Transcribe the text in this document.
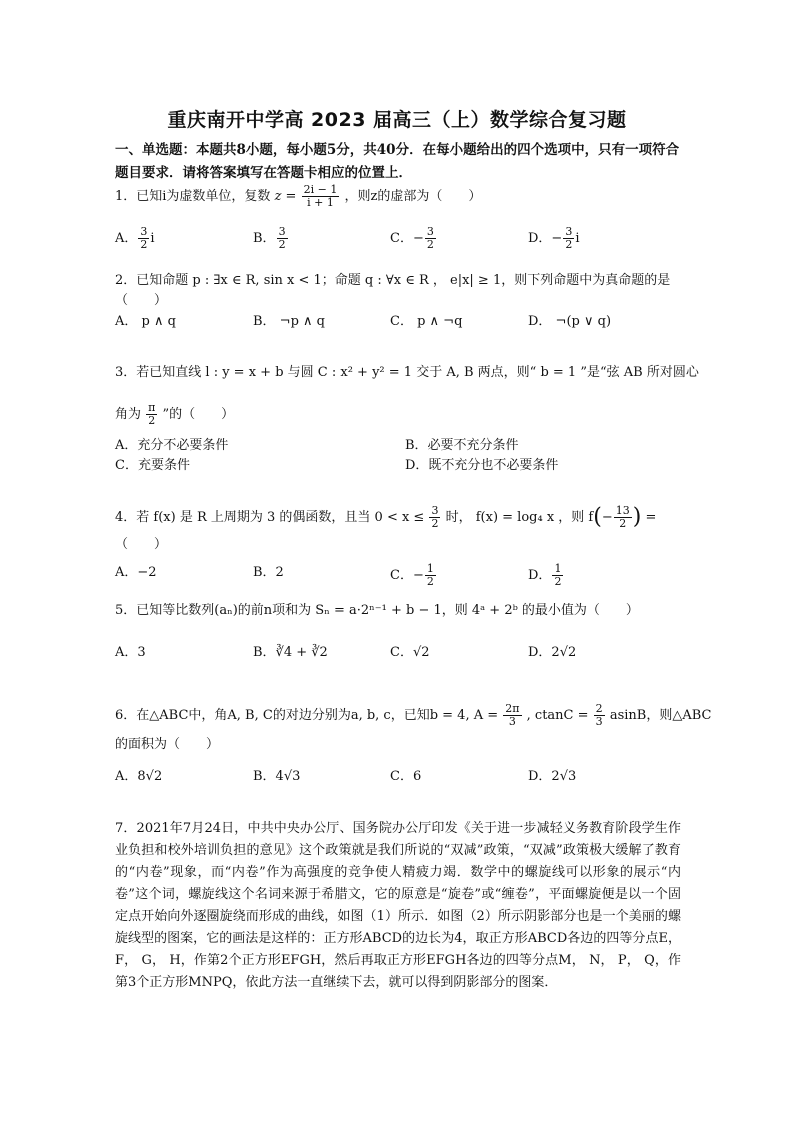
重庆南开中学高 2023 届高三（上）数学综合复习题
一、单选题：本题共8小题，每小题5分，共40分．在每小题给出的四个选项中，只有一项符合题目要求．请将答案填写在答题卡相应的位置上．
1．已知i为虚数单位，复数 $z = \frac{2i - 1}{i + 1}$ ，则z的虚部为（　　）
A． $\frac{3}{2}$ i	B． $\frac{3}{2}$	C．− $\frac{3}{2}$	D．− $\frac{3}{2}$ i
2．已知命题 p : ∃x ∈ R, sin x < 1；命题 q : ∀x ∈ R ， e|x| ≥ 1，则下列命题中为真命题的是
（　　）
A． p ∧ q	B． ¬p ∧ q	C． p ∧ ¬q	D． ¬(p ∨ q)
3．若已知直线 l : y = x + b 与圆 C : x² + y² = 1 交于 A, B 两点，则“ b = 1 ”是“弦 AB 所对圆心
角为 $\frac{\pi}{2}$ ”的（　　）
A．充分不必要条件	B．必要不充分条件
C．充要条件	D．既不充分也不必要条件
4．若 f(x) 是 R 上周期为 3 的偶函数，且当 $0 < x \le \frac{3}{2}$ 时， f(x) = log₄ x ，则 $f(- \frac{13}{2}$ ) =
（　　）
A．−2	B．2	C．− $\frac{1}{2}$	D． $\frac{1}{2}$
5．已知等比数列(aₙ)的前n项和为 Sₙ = a·2ⁿ⁻¹ + b − 1，则 4ᵃ + 2ᵇ 的最小值为（　　）
A．3	B．∛4 + ∛2	C．√2	D．2√2
6．在△ABC中，角A, B, C的对边分别为a, b, c，已知b = 4, $A = \frac{2\pi}{3}$ , $ctanC = \frac{2}{3}$ asinB，则△ABC
的面积为（　　）
A．8√2	B．4√3	C．6	D．2√3
7．2021年7月24日，中共中央办公厅、国务院办公厅印发《关于进一步减轻义务教育阶段学生作业负担和校外培训负担的意见》这个政策就是我们所说的“双减”政策，“双减”政策极大缓解了教育的“内卷”现象，而“内卷”作为高强度的竞争使人精疲力竭．数学中的螺旋线可以形象的展示“内卷”这个词，螺旋线这个名词来源于希腊文，它的原意是“旋卷”或“缠卷”，平面螺旋便是以一个固定点开始向外逐圈旋绕而形成的曲线，如图（1）所示．如图（2）所示阴影部分也是一个美丽的螺旋线型的图案，它的画法是这样的：正方形ABCD的边长为4，取正方形ABCD各边的四等分点E， F， G， H，作第2个正方形EFGH，然后再取正方形EFGH各边的四等分点M， N， P， Q，作第3个正方形MNPQ，依此方法一直继续下去，就可以得到阴影部分的图案．
